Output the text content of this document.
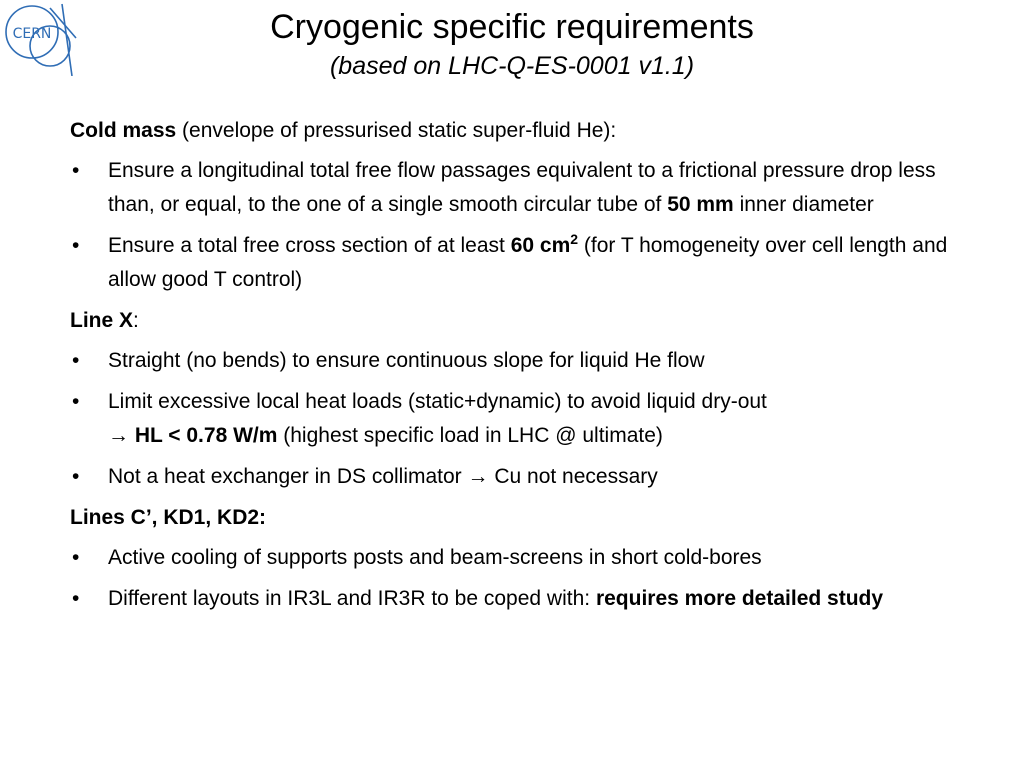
CERN	Cryogenic specific requirements
(based on LHC-Q-ES-0001 v1.1)
Cold mass (envelope of pressurised static super-fluid He):
• Ensure a longitudinal total free flow passages equivalent to a frictional pressure drop less than, or equal, to the one of a single smooth circular tube of 50 mm inner diameter
• Ensure a total free cross section of at least 60 $cm^2$ (for T homogeneity over cell length and allow good T control)
Line X:
• Straight (no bends) to ensure continuous slope for liquid He flow
• Limit excessive local heat loads (static+dynamic) to avoid liquid dry-out
→ HL < 0.78 W/m (highest specific load in LHC @ ultimate)
• Not a heat exchanger in DS collimator → Cu not necessary
Lines C’, KD1, KD2:
• Active cooling of supports posts and beam-screens in short cold-bores
• Different layouts in IR3L and IR3R to be coped with: requires more detailed study
